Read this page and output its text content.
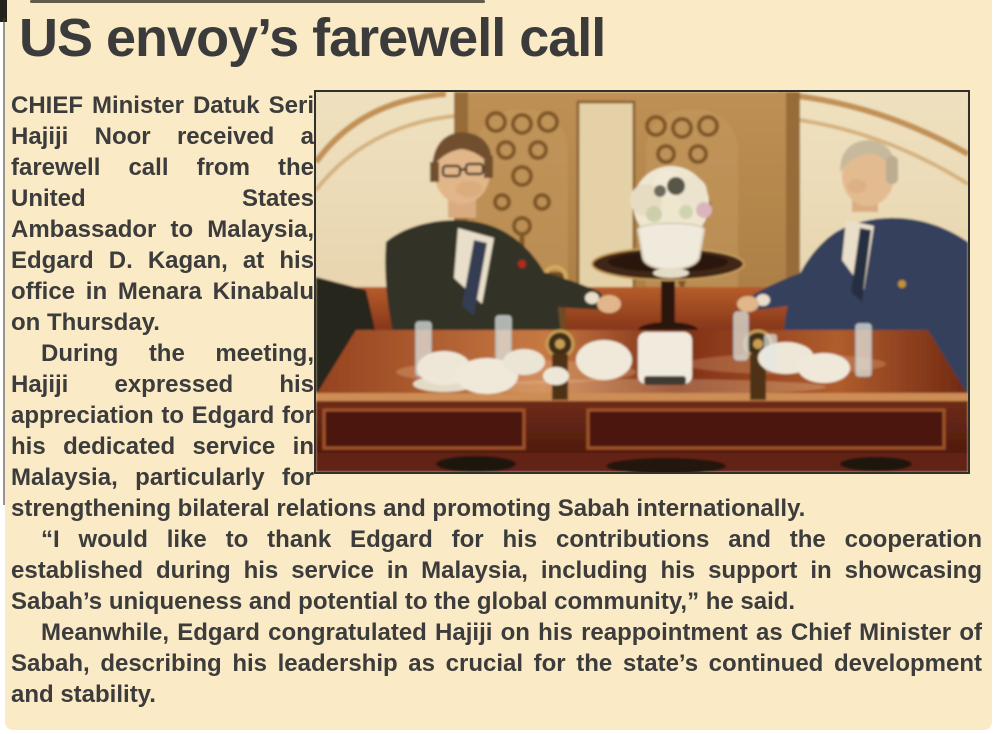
US envoy’s farewell call

CHIEF Minister Datuk Seri Hajiji Noor received a farewell call from the United States Ambassador to Malaysia, Edgard D. Kagan, at his office in Menara Kinabalu on Thursday.

During the meeting, Hajiji expressed his appreciation to Edgard for his dedicated service in Malaysia, particularly for strengthening bilateral relations and promoting Sabah internationally.

“I would like to thank Edgard for his contributions and the cooperation established during his service in Malaysia, including his support in showcasing Sabah’s uniqueness and potential to the global community,” he said.

Meanwhile, Edgard congratulated Hajiji on his reappointment as Chief Minister of Sabah, describing his leadership as crucial for the state’s continued development and stability.
